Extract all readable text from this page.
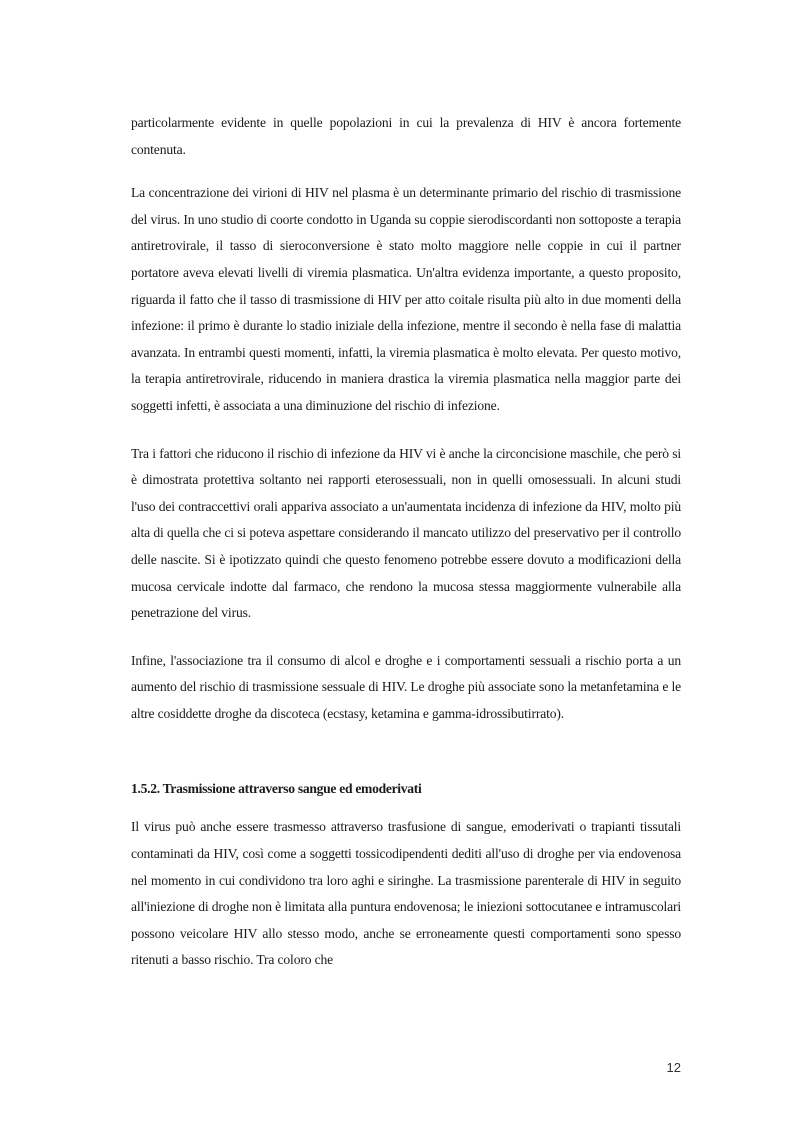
particolarmente evidente in quelle popolazioni in cui la prevalenza di HIV è ancora fortemente contenuta.

La concentrazione dei virioni di HIV nel plasma è un determinante primario del rischio di trasmissione del virus. In uno studio di coorte condotto in Uganda su coppie sierodiscordanti non sottoposte a terapia antiretrovirale, il tasso di sieroconversione è stato molto maggiore nelle coppie in cui il partner portatore aveva elevati livelli di viremia plasmatica. Un'altra evidenza importante, a questo proposito, riguarda il fatto che il tasso di trasmissione di HIV per atto coitale risulta più alto in due momenti della infezione: il primo è durante lo stadio iniziale della infezione, mentre il secondo è nella fase di malattia avanzata. In entrambi questi momenti, infatti, la viremia plasmatica è molto elevata. Per questo motivo, la terapia antiretrovirale, riducendo in maniera drastica la viremia plasmatica nella maggior parte dei soggetti infetti, è associata a una diminuzione del rischio di infezione.

Tra i fattori che riducono il rischio di infezione da HIV vi è anche la circoncisione maschile, che però si è dimostrata protettiva soltanto nei rapporti eterosessuali, non in quelli omosessuali. In alcuni studi l'uso dei contraccettivi orali appariva associato a un'aumentata incidenza di infezione da HIV, molto più alta di quella che ci si poteva aspettare considerando il mancato utilizzo del preservativo per il controllo delle nascite. Si è ipotizzato quindi che questo fenomeno potrebbe essere dovuto a modificazioni della mucosa cervicale indotte dal farmaco, che rendono la mucosa stessa maggiormente vulnerabile alla penetrazione del virus.

Infine, l'associazione tra il consumo di alcol e droghe e i comportamenti sessuali a rischio porta a un aumento del rischio di trasmissione sessuale di HIV. Le droghe più associate sono la metanfetamina e le altre cosiddette droghe da discoteca (ecstasy, ketamina e gamma-idrossibutirrato).

1.5.2. Trasmissione attraverso sangue ed emoderivati

Il virus può anche essere trasmesso attraverso trasfusione di sangue, emoderivati o trapianti tissutali contaminati da HIV, così come a soggetti tossicodipendenti dediti all'uso di droghe per via endovenosa nel momento in cui condividono tra loro aghi e siringhe. La trasmissione parenterale di HIV in seguito all'iniezione di droghe non è limitata alla puntura endovenosa; le iniezioni sottocutanee e intramuscolari possono veicolare HIV allo stesso modo, anche se erroneamente questi comportamenti sono spesso ritenuti a basso rischio. Tra coloro che

12
